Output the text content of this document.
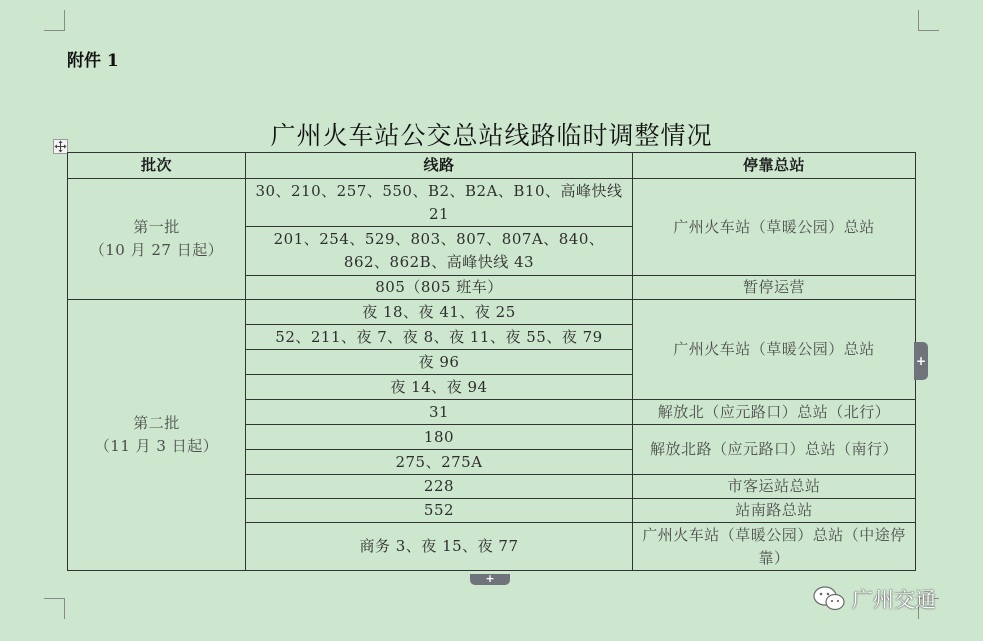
附件 1
广州火车站公交总站线路临时调整情况
批次	线路	停靠总站

第一批
（10 月 27 日起）	30、210、257、550、B2、B2A、B10、高峰快线 21	广州火车站（草暖公园）总站
	201、254、529、803、807、807A、840、862、862B、高峰快线 43	
	805（805 班车）	暂停运营

第二批
（11 月 3 日起）	夜 18、夜 41、夜 25	广州火车站（草暖公园）总站
	52、211、夜 7、夜 8、夜 11、夜 55、夜 79	
	夜 96	
	夜 14、夜 94	
	31	解放北（应元路口）总站（北行）
	180	解放北路（应元路口）总站（南行）
	275、275A	
	228	市客运站总站
	552	站南路总站
	商务 3、夜 15、夜 77	广州火车站（草暖公园）总站（中途停靠）
+
+
广州交通
